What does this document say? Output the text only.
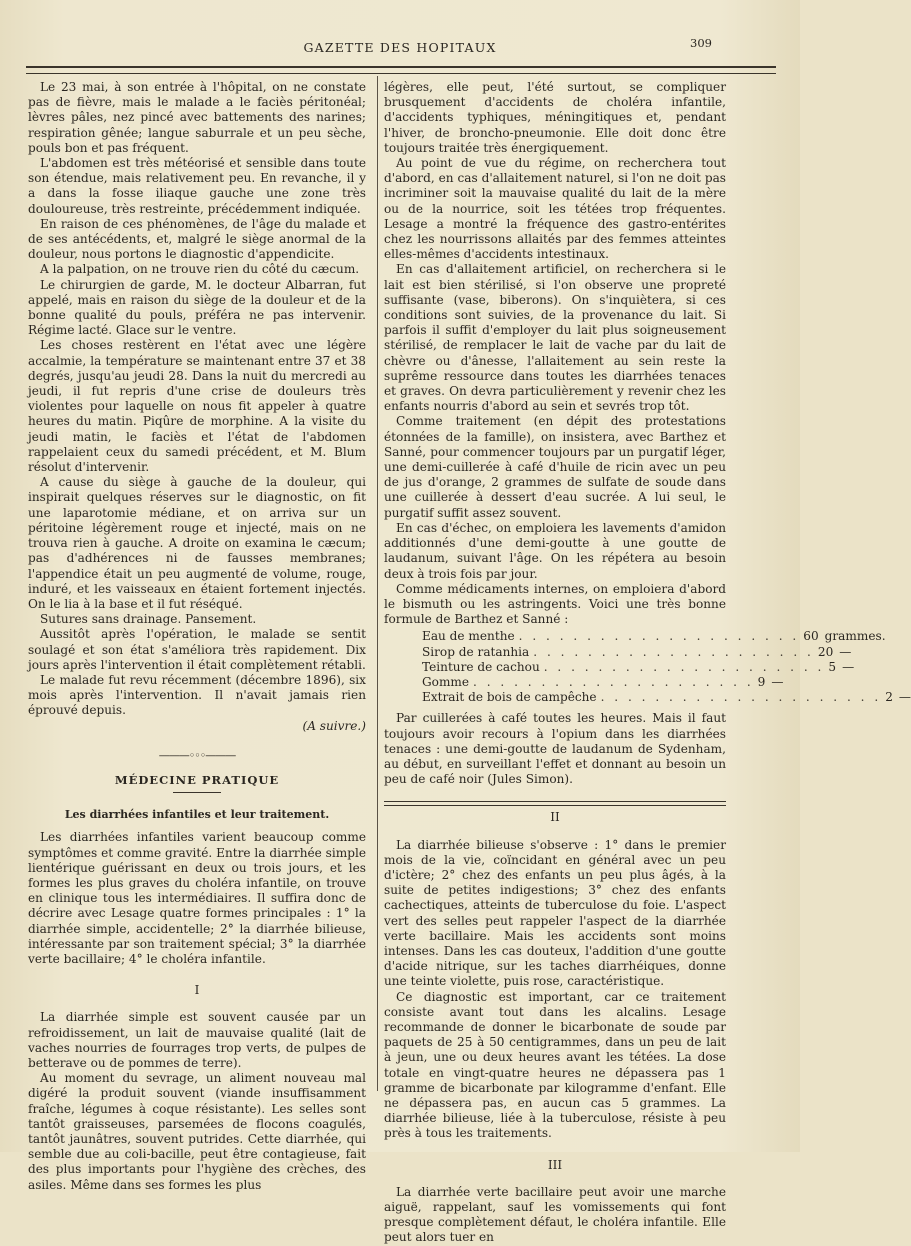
GAZETTE DES HOPITAUX	309

Le 23 mai, à son entrée à l'hôpital, on ne constate pas de fièvre, mais le malade a le faciès péritonéal; lèvres pâles, nez pincé avec battements des narines; respiration gênée; langue saburrale et un peu sèche, pouls bon et pas fréquent.

L'abdomen est très météorisé et sensible dans toute son étendue, mais relativement peu. En revanche, il y a dans la fosse iliaque gauche une zone très douloureuse, très restreinte, précédemment indiquée.

En raison de ces phénomènes, de l'âge du malade et de ses antécédents, et, malgré le siège anormal de la douleur, nous portons le diagnostic d'appendicite.

A la palpation, on ne trouve rien du côté du cæcum.

Le chirurgien de garde, M. le docteur Albarran, fut appelé, mais en raison du siège de la douleur et de la bonne qualité du pouls, préféra ne pas intervenir. Régime lacté. Glace sur le ventre.

Les choses restèrent en l'état avec une légère accalmie, la température se maintenant entre 37 et 38 degrés, jusqu'au jeudi 28. Dans la nuit du mercredi au jeudi, il fut repris d'une crise de douleurs très violentes pour laquelle on nous fit appeler à quatre heures du matin. Piqûre de morphine. A la visite du jeudi matin, le faciès et l'état de l'abdomen rappelaient ceux du samedi précédent, et M. Blum résolut d'intervenir.

A cause du siège à gauche de la douleur, qui inspirait quelques réserves sur le diagnostic, on fit une laparotomie médiane, et on arriva sur un péritoine légèrement rouge et injecté, mais on ne trouva rien à gauche. A droite on examina le cæcum; pas d'adhérences ni de fausses membranes; l'appendice était un peu augmenté de volume, rouge, induré, et les vaisseaux en étaient fortement injectés. On le lia à la base et il fut réséqué.

Sutures sans drainage. Pansement.

Aussitôt après l'opération, le malade se sentit soulagé et son état s'améliora très rapidement. Dix jours après l'intervention il était complètement rétabli.

Le malade fut revu récemment (décembre 1896), six mois après l'intervention. Il n'avait jamais rien éprouvé depuis.

(A suivre.)

———◦◦◦———
MÉDECINE PRATIQUE
Les diarrhées infantiles et leur traitement.

Les diarrhées infantiles varient beaucoup comme symptômes et comme gravité. Entre la diarrhée simple lientérique guérissant en deux ou trois jours, et les formes les plus graves du choléra infantile, on trouve en clinique tous les intermédiaires. Il suffira donc de décrire avec Lesage quatre formes principales : 1° la diarrhée simple, accidentelle; 2° la diarrhée bilieuse, intéressante par son traitement spécial; 3° la diarrhée verte bacillaire; 4° le choléra infantile.

I

La diarrhée simple est souvent causée par un refroidissement, un lait de mauvaise qualité (lait de vaches nourries de fourrages trop verts, de pulpes de betterave ou de pommes de terre).

Au moment du sevrage, un aliment nouveau mal digéré la produit souvent (viande insuffisamment fraîche, légumes à coque résistante). Les selles sont tantôt graisseuses, parsemées de flocons coagulés, tantôt jaunâtres, souvent putrides. Cette diarrhée, qui semble due au coli-bacille, peut être contagieuse, fait des plus importants pour l'hygiène des crèches, des asiles. Même dans ses formes les plus

légères, elle peut, l'été surtout, se compliquer brusquement d'accidents de choléra infantile, d'accidents typhiques, méningitiques et, pendant l'hiver, de broncho-pneumonie. Elle doit donc être toujours traitée très énergiquement.

Au point de vue du régime, on recherchera tout d'abord, en cas d'allaitement naturel, si l'on ne doit pas incriminer soit la mauvaise qualité du lait de la mère ou de la nourrice, soit les tétées trop fréquentes. Lesage a montré la fréquence des gastro-entérites chez les nourrissons allaités par des femmes atteintes elles-mêmes d'accidents intestinaux.

En cas d'allaitement artificiel, on recherchera si le lait est bien stérilisé, si l'on observe une propreté suffisante (vase, biberons). On s'inquiètera, si ces conditions sont suivies, de la provenance du lait. Si parfois il suffit d'employer du lait plus soigneusement stérilisé, de remplacer le lait de vache par du lait de chèvre ou d'ânesse, l'allaitement au sein reste la suprême ressource dans toutes les diarrhées tenaces et graves. On devra particulièrement y revenir chez les enfants nourris d'abord au sein et sevrés trop tôt.

Comme traitement (en dépit des protestations étonnées de la famille), on insistera, avec Barthez et Sanné, pour commencer toujours par un purgatif léger, une demi-cuillerée à café d'huile de ricin avec un peu de jus d'orange, 2 grammes de sulfate de soude dans une cuillerée à dessert d'eau sucrée. A lui seul, le purgatif suffit assez souvent.

En cas d'échec, on emploiera les lavements d'amidon additionnés d'une demi-goutte à une goutte de laudanum, suivant l'âge. On les répétera au besoin deux à trois fois par jour.

Comme médicaments internes, on emploiera d'abord le bismuth ou les astringents. Voici une très bonne formule de Barthez et Sanné :

Eau de menthe . . . . . . . . . . . . . . . . . . . . . 60 grammes.
Sirop de ratanhia . . . . . . . . . . . . . . . . . . . . . 20 —
Teinture de cachou . . . . . . . . . . . . . . . . . . . . . 5 —
Gomme . . . . . . . . . . . . . . . . . . . . . 9 —
Extrait de bois de campêche . . . . . . . . . . . . . . . . . . . . . 2 —

Par cuillerées à café toutes les heures. Mais il faut toujours avoir recours à l'opium dans les diarrhées tenaces : une demi-goutte de laudanum de Sydenham, au début, en surveillant l'effet et donnant au besoin un peu de café noir (Jules Simon).

II

La diarrhée bilieuse s'observe : 1° dans le premier mois de la vie, coïncidant en général avec un peu d'ictère; 2° chez des enfants un peu plus âgés, à la suite de petites indigestions; 3° chez des enfants cachectiques, atteints de tuberculose du foie. L'aspect vert des selles peut rappeler l'aspect de la diarrhée verte bacillaire. Mais les accidents sont moins intenses. Dans les cas douteux, l'addition d'une goutte d'acide nitrique, sur les taches diarrhéiques, donne une teinte violette, puis rose, caractéristique.

Ce diagnostic est important, car ce traitement consiste avant tout dans les alcalins. Lesage recommande de donner le bicarbonate de soude par paquets de 25 à 50 centigrammes, dans un peu de lait à jeun, une ou deux heures avant les tétées. La dose totale en vingt-quatre heures ne dépassera pas 1 gramme de bicarbonate par kilogramme d'enfant. Elle ne dépassera pas, en aucun cas 5 grammes. La diarrhée bilieuse, liée à la tuberculose, résiste à peu près à tous les traitements.

III

La diarrhée verte bacillaire peut avoir une marche aiguë, rappelant, sauf les vomissements qui font presque complètement défaut, le choléra infantile. Elle peut alors tuer en
